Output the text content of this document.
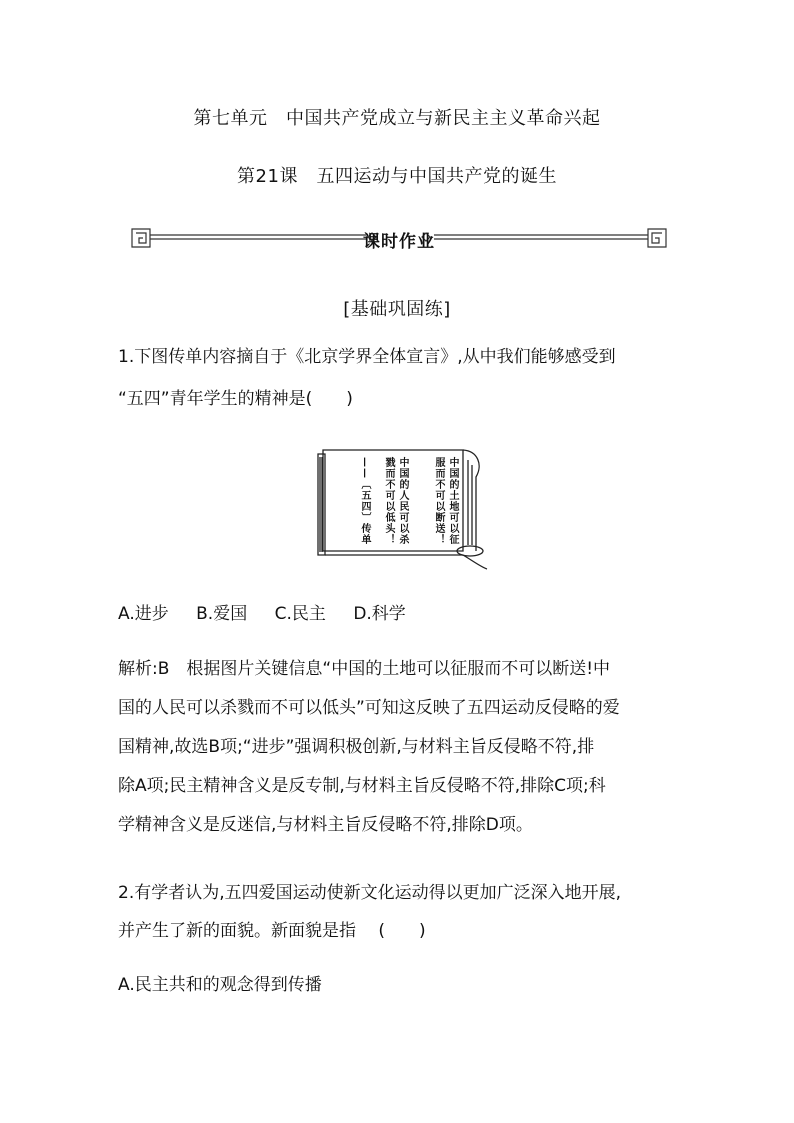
第七单元　中国共产党成立与新民主主义革命兴起
第21课　五四运动与中国共产党的诞生
课时作业
[基础巩固练]
1.下图传单内容摘自于《北京学界全体宣言》,从中我们能够感受到
“五四”青年学生的精神是(　　)
中国的土地可以征
服而不可以断送！
中国的人民可以杀
戮而不可以低头！
——〔五四〕传单
A.进步 B.爱国 C.民主 D.科学
解析:B　根据图片关键信息“中国的土地可以征服而不可以断送!中
国的人民可以杀戮而不可以低头”可知这反映了五四运动反侵略的爱
国精神,故选B项;“进步”强调积极创新,与材料主旨反侵略不符,排
除A项;民主精神含义是反专制,与材料主旨反侵略不符,排除C项;科
学精神含义是反迷信,与材料主旨反侵略不符,排除D项。
2.有学者认为,五四爱国运动使新文化运动得以更加广泛深入地开展,
并产生了新的面貌。新面貌是指　 (　　)
A.民主共和的观念得到传播
